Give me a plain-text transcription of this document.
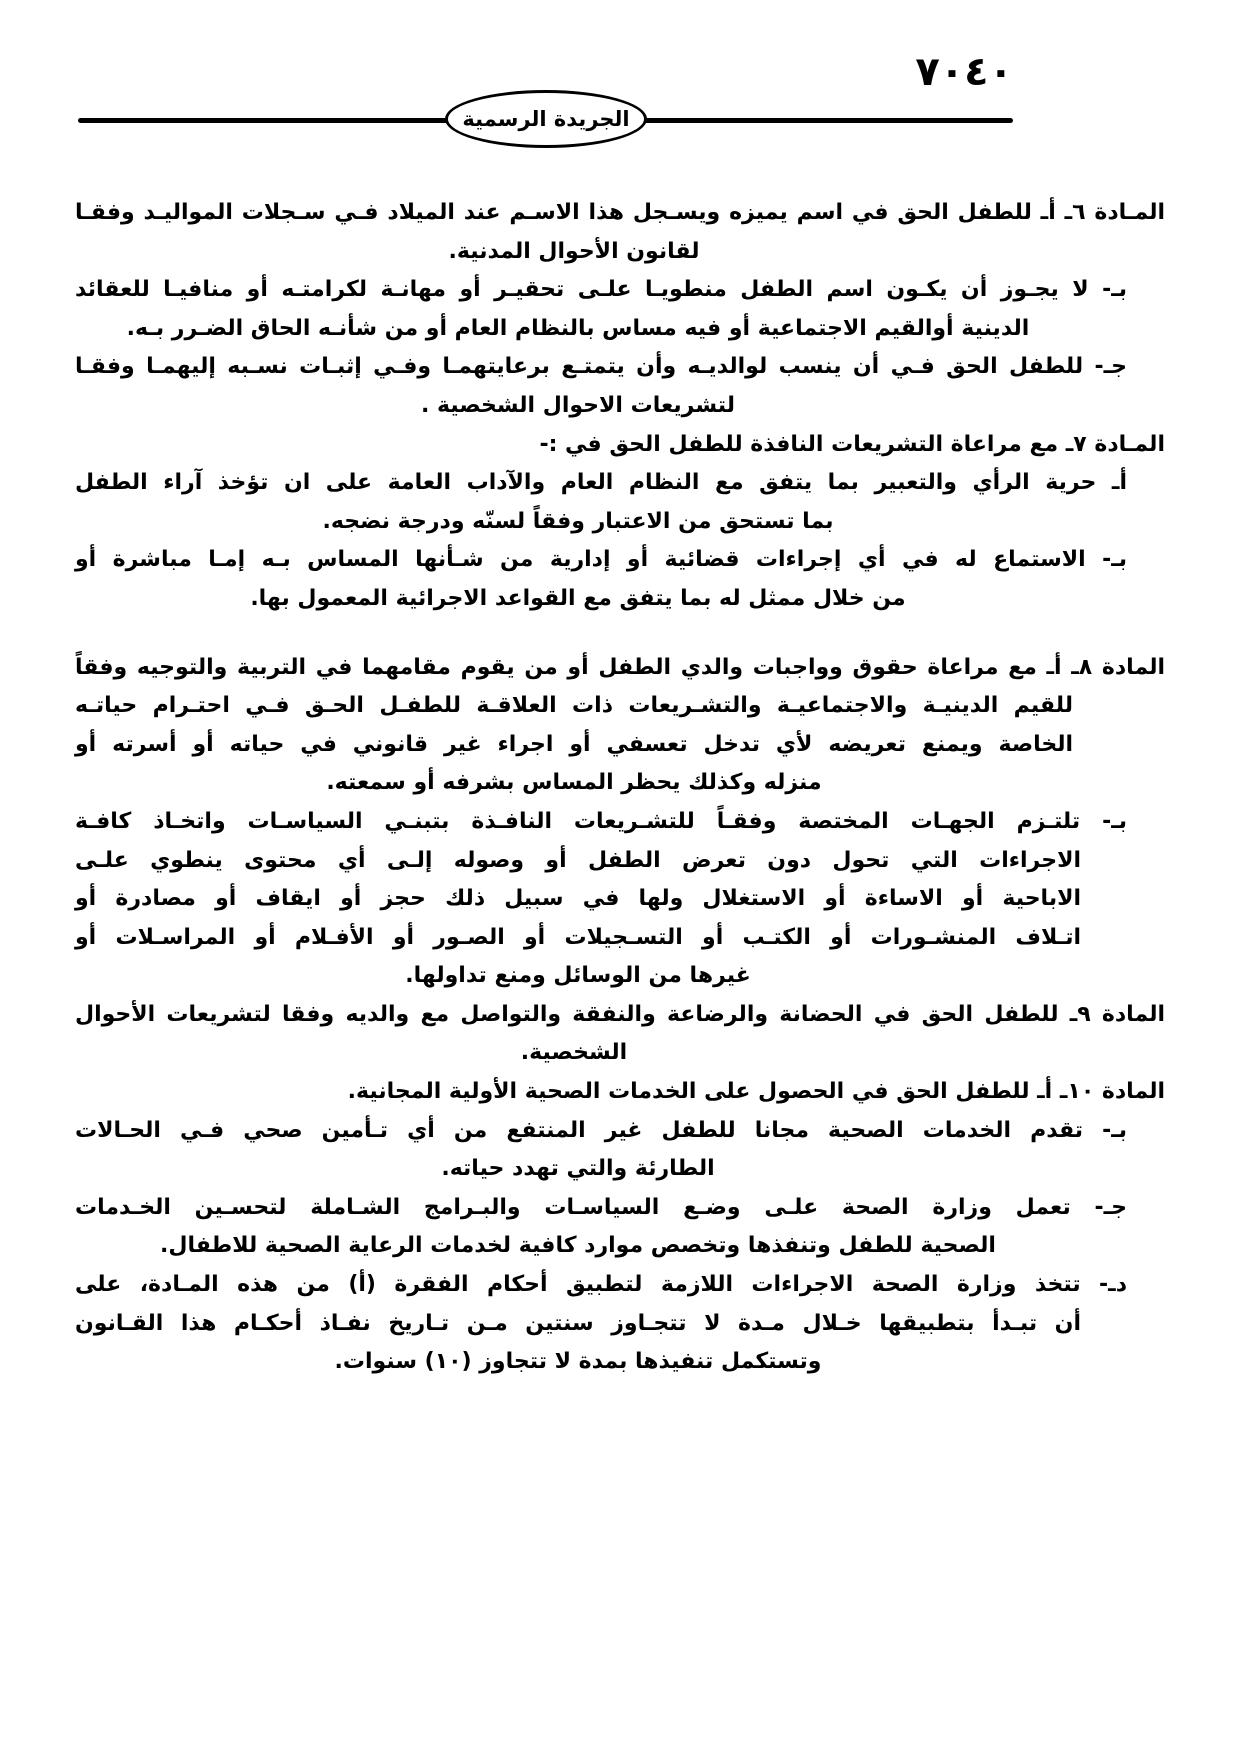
٧٠٤٠
الجريدة الرسمية
المـادة ٦ـ أـ للطفل الحق في اسم يميزه ويسـجل هذا الاسـم عند الميلاد فـي سـجلات المواليـد وفقـا
لقانون الأحوال المدنية.
بـ- لا يجـوز أن يكـون اسم الطفل منطويـا علـى تحقيـر أو مهانـة لكرامتـه أو منافيـا للعقائد
الدينية أوالقيم الاجتماعية أو فيه مساس بالنظام العام أو من شأنـه الحاق الضـرر بـه.
جـ- للطفل الحق فـي أن ينسب لوالديـه وأن يتمتـع برعايتهمـا وفـي إثبـات نسـبه إليهمـا وفقـا
لتشريعات الاحوال الشخصية .
المـادة ٧ـ مع مراعاة التشريعات النافذة للطفل الحق في :-
أـ حرية الرأي والتعبير بما يتفق مع النظام العام والآداب العامة على ان تؤخذ آراء الطفل
بما تستحق من الاعتبار وفقاً لسنّه ودرجة نضجه.
بـ- الاستماع له في أي إجراءات قضائية أو إدارية من شـأنها المساس بـه إمـا مباشرة أو
من خلال ممثل له بما يتفق مع القواعد الاجرائية المعمول بها.
المادة ٨ـ أـ مع مراعاة حقوق وواجبات والدي الطفل أو من يقوم مقامهما في التربية والتوجيه وفقاً
للقيم الدينيـة والاجتماعيـة والتشـريعات ذات العلاقـة للطفـل الحـق فـي احتـرام حياتـه
الخاصة ويمنع تعريضه لأي تدخل تعسفي أو اجراء غير قانوني في حياته أو أسرته أو
منزله وكذلك يحظر المساس بشرفه أو سمعته.
بـ- تلتـزم الجهـات المختصة وفقـاً للتشـريعات النافـذة بتبنـي السياسـات واتخـاذ كافـة
الاجراءات التي تحول دون تعرض الطفل أو وصوله إلـى أي محتوى ينطوي علـى
الاباحية أو الاساءة أو الاستغلال ولها في سبيل ذلك حجز أو ايقاف أو مصادرة أو
اتـلاف المنشـورات أو الكتـب أو التسـجيلات أو الصـور أو الأفـلام أو المراسـلات أو
غيرها من الوسائل ومنع تداولها.
المادة ٩ـ للطفل الحق في الحضانة والرضاعة والنفقة والتواصل مع والديه وفقا لتشريعات الأحوال
الشخصية.
المادة ١٠ـ أـ للطفل الحق في الحصول على الخدمات الصحية الأولية المجانية.
بـ- تقدم الخدمات الصحية مجانا للطفل غير المنتفع من أي تـأمين صحي فـي الحـالات
الطارئة والتي تهدد حياته.
جـ- تعمل وزارة الصحة علـى وضـع السياسـات والبـرامج الشـاملة لتحسـين الخـدمات
الصحية للطفل وتنفذها وتخصص موارد كافية لخدمات الرعاية الصحية للاطفال.
دـ- تتخذ وزارة الصحة الاجراءات اللازمة لتطبيق أحكام الفقرة (أ) من هذه المـادة، على
أن تبـدأ بتطبيقها خـلال مـدة لا تتجـاوز سنتين مـن تـاريخ نفـاذ أحكـام هذا القـانون
وتستكمل تنفيذها بمدة لا تتجاوز (١٠) سنوات.
